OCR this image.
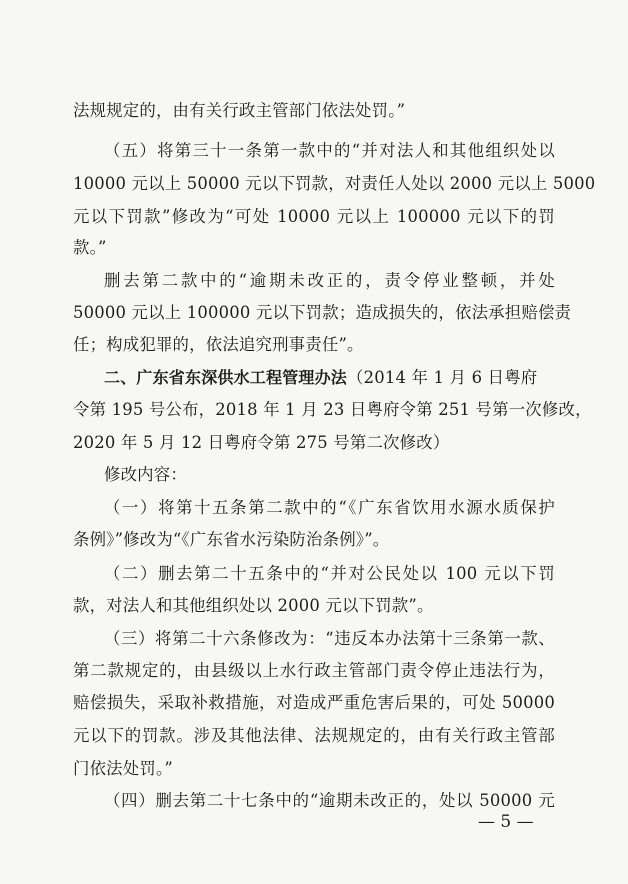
法规规定的，由有关行政主管部门依法处罚。”
（五）将第三十一条第一款中的“并对法人和其他组织处以
10000 元以上 50000 元以下罚款，对责任人处以 2000 元以上 5000
元以下罚款”修改为“可处 10000 元以上 100000 元以下的罚
款。”
删去第二款中的“逾期未改正的，责令停业整顿，并处
50000 元以上 100000 元以下罚款；造成损失的，依法承担赔偿责
任；构成犯罪的，依法追究刑事责任”。
二、广东省东深供水工程管理办法（2014 年 1 月 6 日粤府
令第 195 号公布，2018 年 1 月 23 日粤府令第 251 号第一次修改，
2020 年 5 月 12 日粤府令第 275 号第二次修改）
修改内容：
（一）将第十五条第二款中的“《广东省饮用水源水质保护
条例》”修改为“《广东省水污染防治条例》”。
（二）删去第二十五条中的“并对公民处以 100 元以下罚
款，对法人和其他组织处以 2000 元以下罚款”。
（三）将第二十六条修改为：“违反本办法第十三条第一款、
第二款规定的，由县级以上水行政主管部门责令停止违法行为，
赔偿损失，采取补救措施，对造成严重危害后果的，可处 50000
元以下的罚款。涉及其他法律、法规规定的，由有关行政主管部
门依法处罚。”
（四）删去第二十七条中的“逾期未改正的，处以 50000 元
— 5 —
